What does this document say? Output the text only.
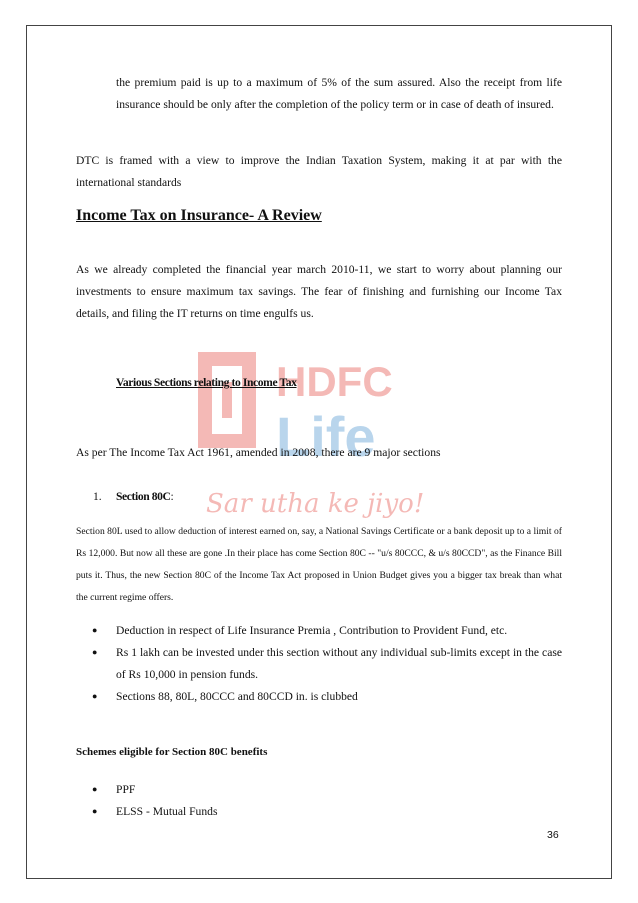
HDFC
Life
Sar utha ke jiyo!
the premium paid is up to a maximum of 5% of the sum assured. Also the receipt from life insurance should be only after the completion of the policy term or in case of death of insured.
DTC is framed with a view to improve the Indian Taxation System, making it at par with the international standards
Income Tax on Insurance- A Review
As we already completed the financial year march 2010-11, we start to worry about planning our investments to ensure maximum tax savings. The fear of finishing and furnishing our Income Tax details, and filing the IT returns on time engulfs us.
Various Sections relating to Income Tax
As per The Income Tax Act 1961, amended in 2008, there are 9 major sections
1. Section 80C:
Section 80L used to allow deduction of interest earned on, say, a National Savings Certificate or a bank deposit up to a limit of Rs 12,000. But now all these are gone .In their place has come Section 80C -- "u/s 80CCC, & u/s 80CCD", as the Finance Bill puts it. Thus, the new Section 80C of the Income Tax Act proposed in Union Budget gives you a bigger tax break than what the current regime offers.
● Deduction in respect of Life Insurance Premia , Contribution to Provident Fund, etc.
● Rs 1 lakh can be invested under this section without any individual sub-limits except in the case of Rs 10,000 in pension funds.
● Sections 88, 80L, 80CCC and 80CCD in. is clubbed
Schemes eligible for Section 80C benefits
● PPF
● ELSS - Mutual Funds
36
